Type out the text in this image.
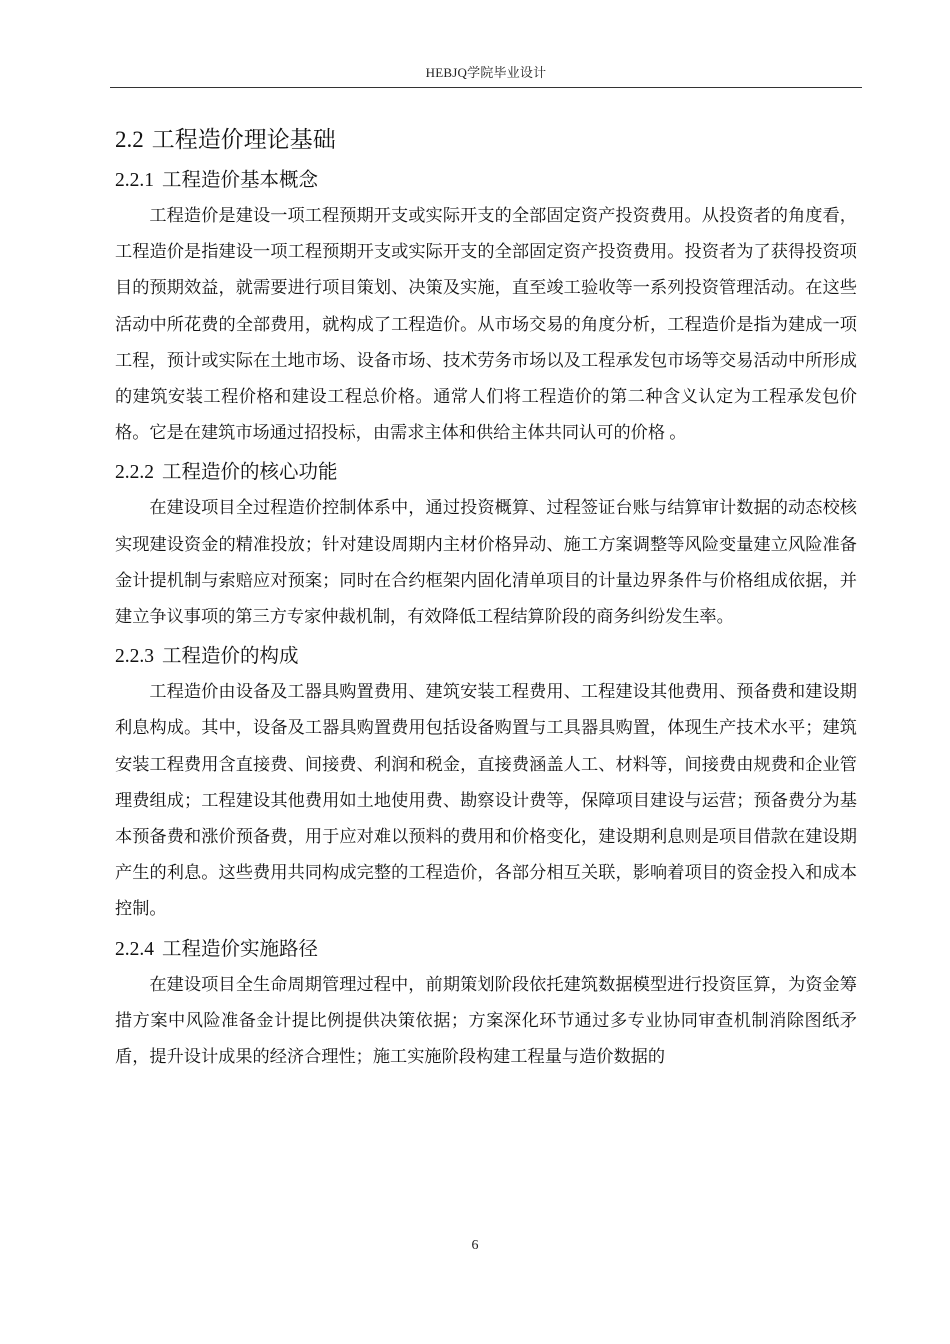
HEBJQ学院毕业设计
2.2 工程造价理论基础
2.2.1 工程造价基本概念

工程造价是建设一项工程预期开支或实际开支的全部固定资产投资费用。从投资者的角度看，工程造价是指建设一项工程预期开支或实际开支的全部固定资产投资费用。投资者为了获得投资项目的预期效益，就需要进行项目策划、决策及实施，直至竣工验收等一系列投资管理活动。在这些活动中所花费的全部费用，就构成了工程造价。从市场交易的角度分析，工程造价是指为建成一项工程，预计或实际在土地市场、设备市场、技术劳务市场以及工程承发包市场等交易活动中所形成的建筑安装工程价格和建设工程总价格。通常人们将工程造价的第二种含义认定为工程承发包价格。它是在建筑市场通过招投标，由需求主体和供给主体共同认可的价格 。

2.2.2 工程造价的核心功能

在建设项目全过程造价控制体系中，通过投资概算、过程签证台账与结算审计数据的动态校核实现建设资金的精准投放；针对建设周期内主材价格异动、施工方案调整等风险变量建立风险准备金计提机制与索赔应对预案；同时在合约框架内固化清单项目的计量边界条件与价格组成依据，并建立争议事项的第三方专家仲裁机制，有效降低工程结算阶段的商务纠纷发生率。

2.2.3 工程造价的构成

工程造价由设备及工器具购置费用、建筑安装工程费用、工程建设其他费用、预备费和建设期利息构成。其中，设备及工器具购置费用包括设备购置与工具器具购置，体现生产技术水平；建筑安装工程费用含直接费、间接费、利润和税金，直接费涵盖人工、材料等，间接费由规费和企业管理费组成；工程建设其他费用如土地使用费、勘察设计费等，保障项目建设与运营；预备费分为基本预备费和涨价预备费，用于应对难以预料的费用和价格变化，建设期利息则是项目借款在建设期产生的利息。这些费用共同构成完整的工程造价，各部分相互关联，影响着项目的资金投入和成本控制。

2.2.4 工程造价实施路径

在建设项目全生命周期管理过程中，前期策划阶段依托建筑数据模型进行投资匡算，为资金筹措方案中风险准备金计提比例提供决策依据；方案深化环节通过多专业协同审查机制消除图纸矛盾，提升设计成果的经济合理性；施工实施阶段构建工程量与造价数据的

6
